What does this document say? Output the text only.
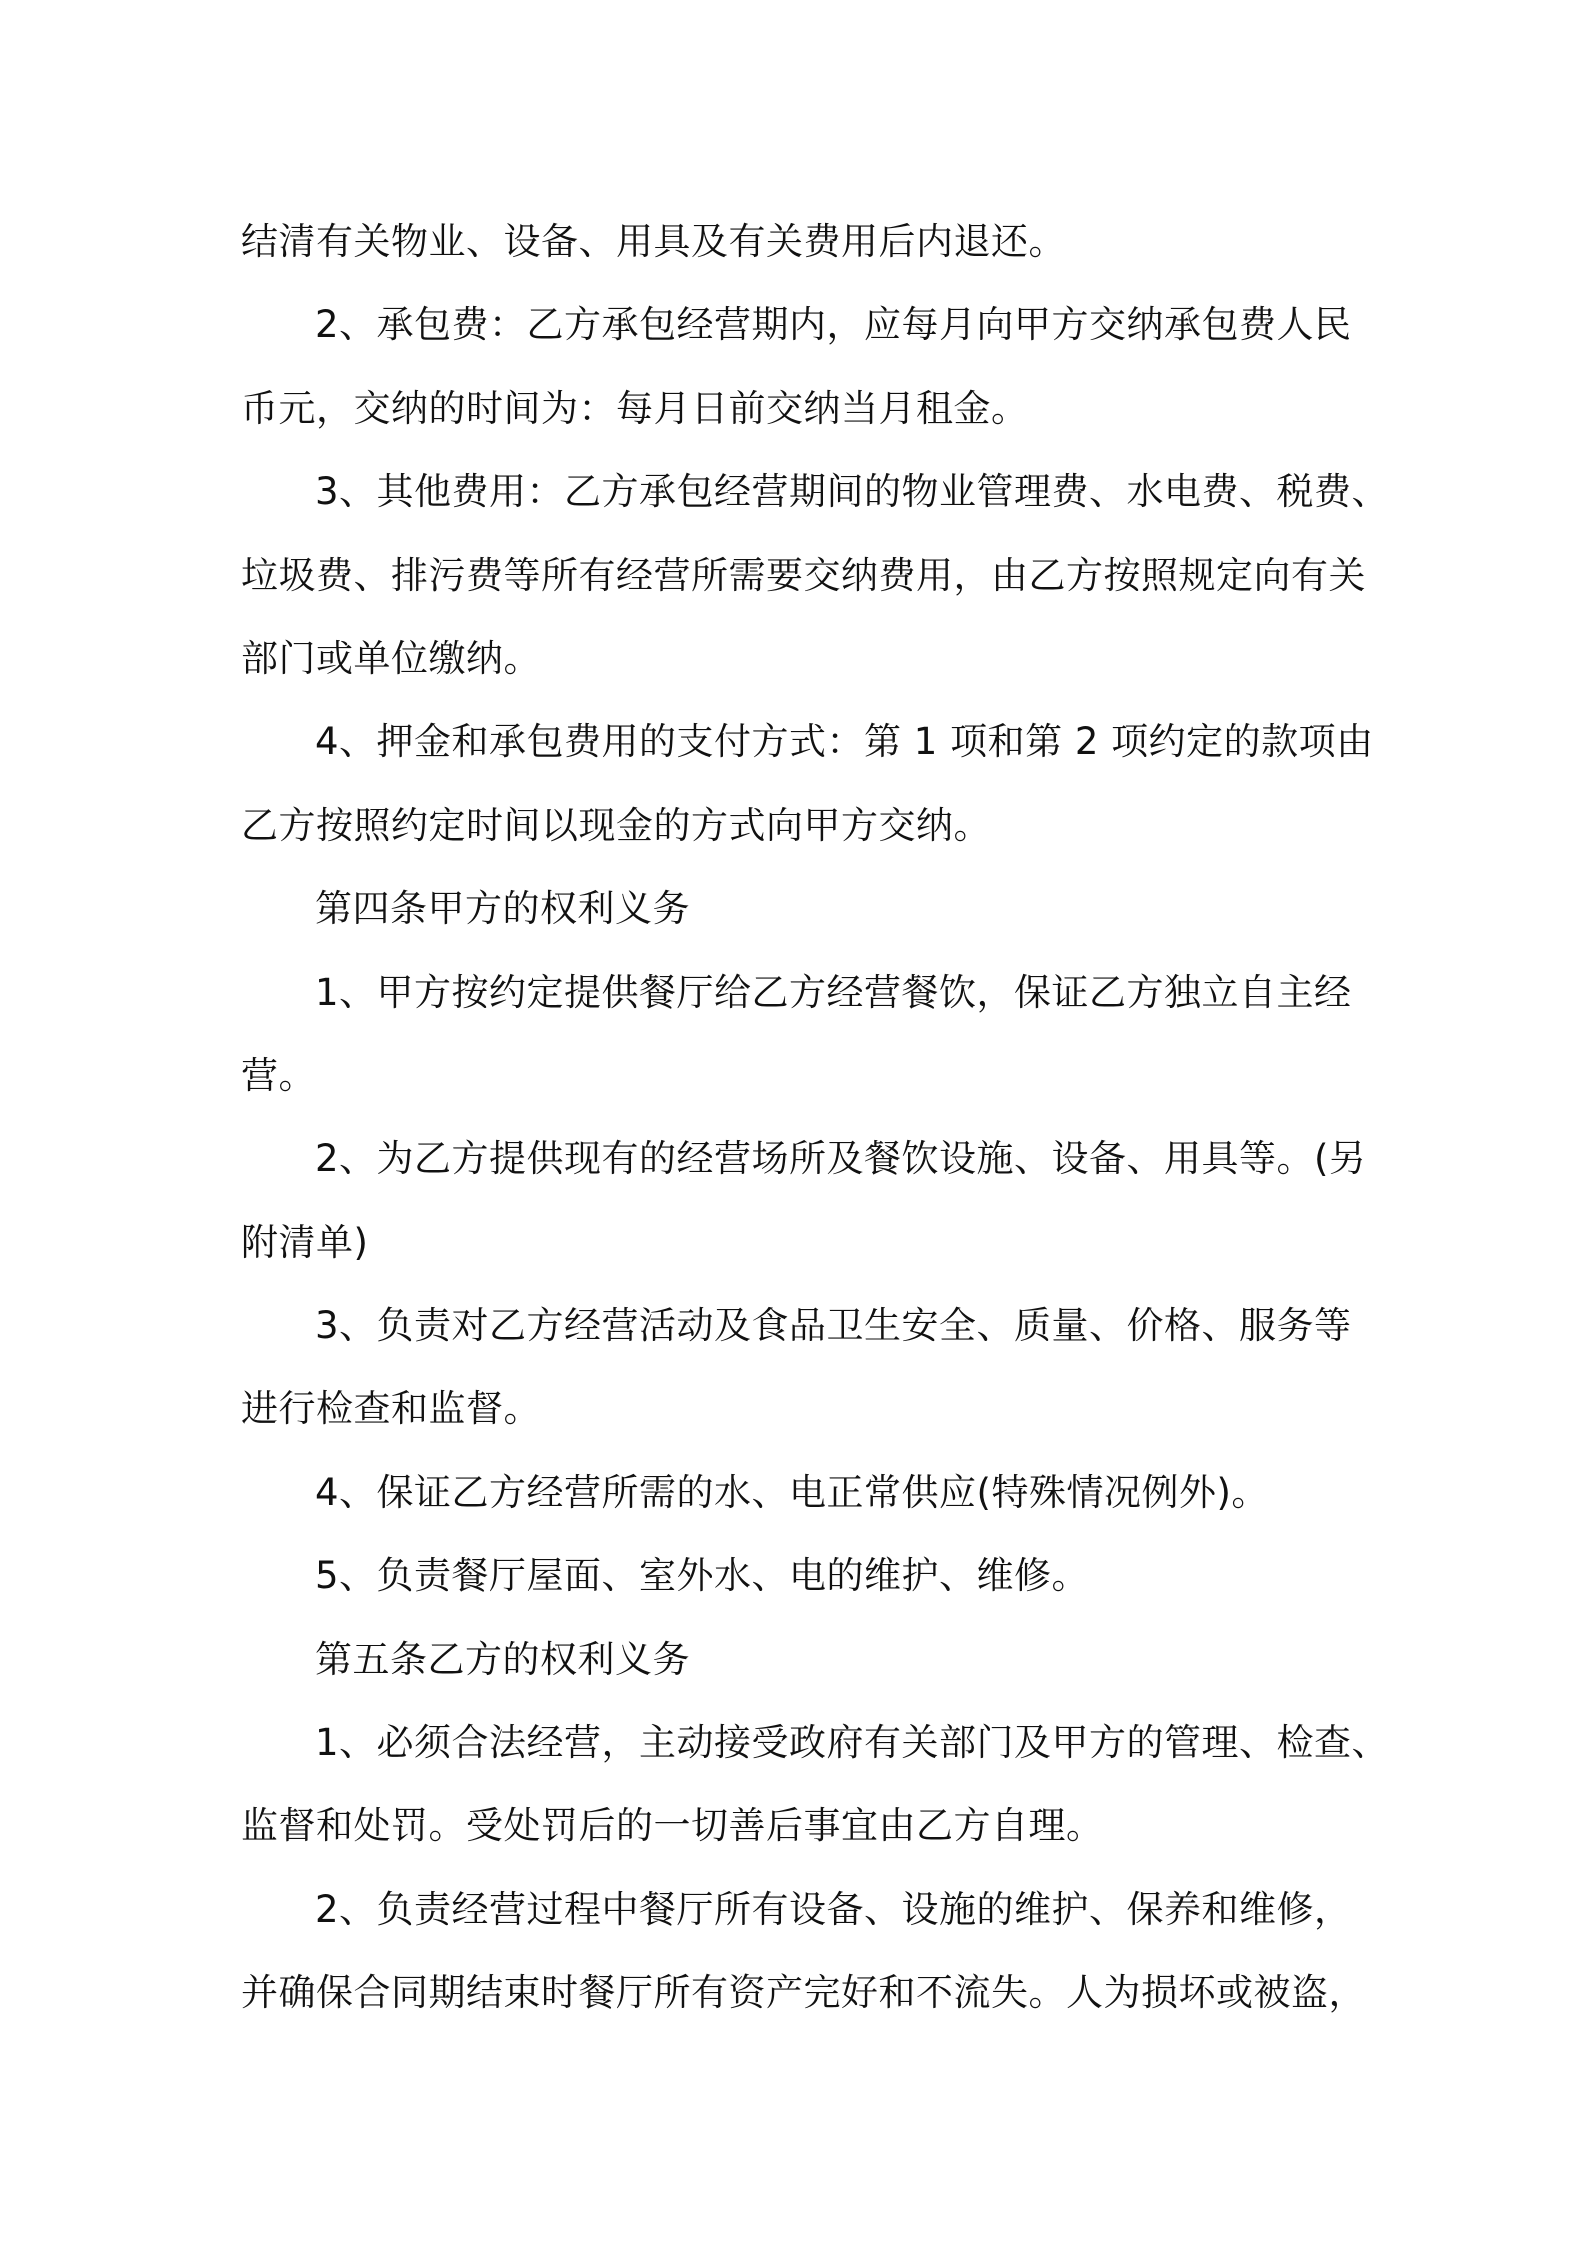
结清有关物业、设备、用具及有关费用后内退还。
2、承包费：乙方承包经营期内，应每月向甲方交纳承包费人民
币元，交纳的时间为：每月日前交纳当月租金。
3、其他费用：乙方承包经营期间的物业管理费、水电费、税费、
垃圾费、排污费等所有经营所需要交纳费用，由乙方按照规定向有关
部门或单位缴纳。
4、押金和承包费用的支付方式：第 1 项和第 2 项约定的款项由
乙方按照约定时间以现金的方式向甲方交纳。
第四条甲方的权利义务
1、甲方按约定提供餐厅给乙方经营餐饮，保证乙方独立自主经
营。
2、为乙方提供现有的经营场所及餐饮设施、设备、用具等。(另
附清单)
3、负责对乙方经营活动及食品卫生安全、质量、价格、服务等
进行检查和监督。
4、保证乙方经营所需的水、电正常供应(特殊情况例外)。
5、负责餐厅屋面、室外水、电的维护、维修。
第五条乙方的权利义务
1、必须合法经营，主动接受政府有关部门及甲方的管理、检查、
监督和处罚。受处罚后的一切善后事宜由乙方自理。
2、负责经营过程中餐厅所有设备、设施的维护、保养和维修，
并确保合同期结束时餐厅所有资产完好和不流失。人为损坏或被盗，
